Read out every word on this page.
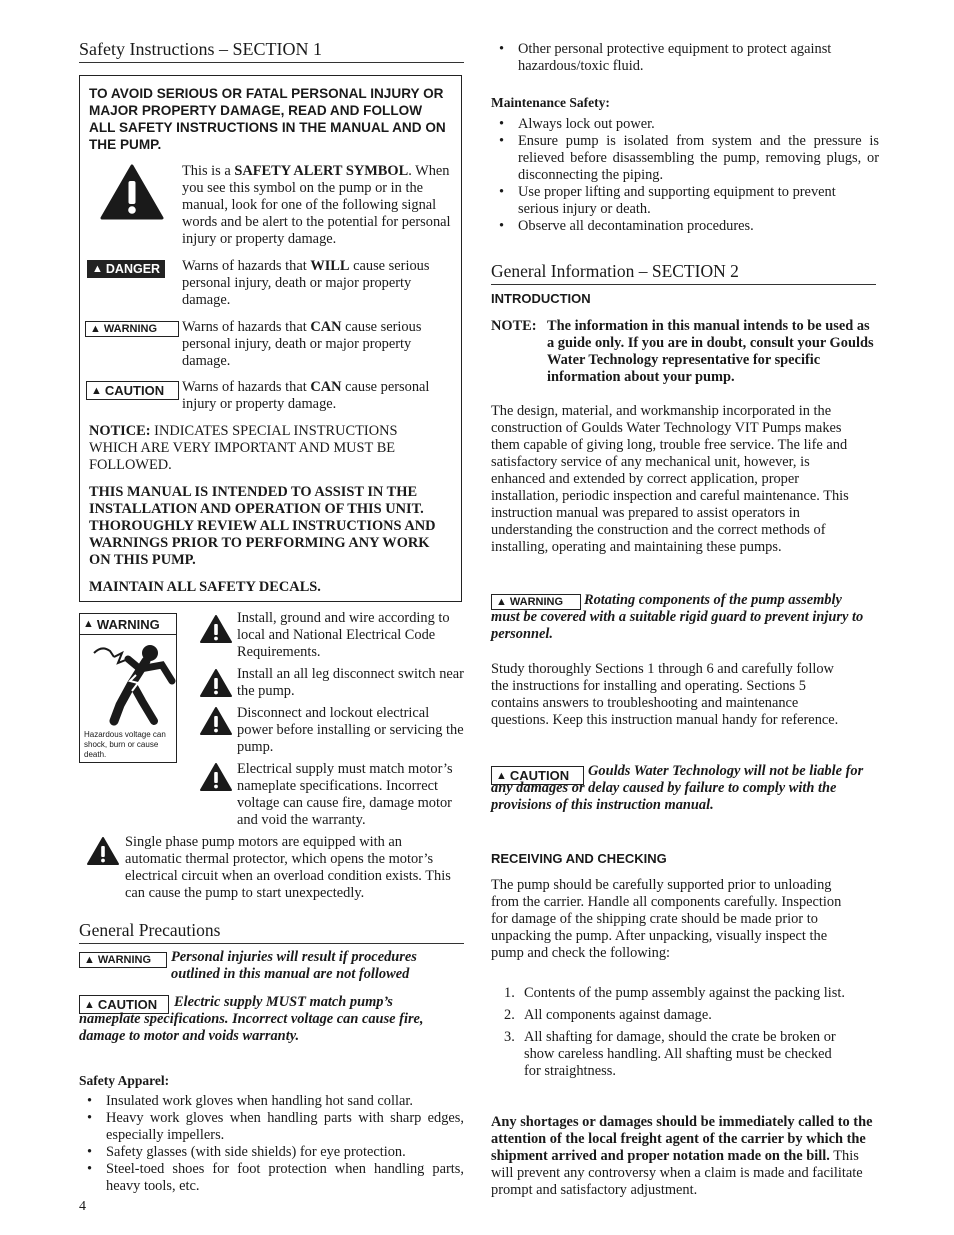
Safety Instructions – SECTION 1

TO AVOID SERIOUS OR FATAL PERSONAL INJURY OR MAJOR PROPERTY DAMAGE, READ AND FOLLOW ALL SAFETY INSTRUCTIONS IN THE MANUAL AND ON THE PUMP.

This is a SAFETY ALERT SYMBOL. When you see this symbol on the pump or in the manual, look for one of the following signal words and be alert to the potential for personal injury or property damage.

▲ DANGER Warns of hazards that WILL cause serious personal injury, death or major property damage.

▲ WARNING Warns of hazards that CAN cause serious personal injury, death or major property damage.

▲ CAUTION Warns of hazards that CAN cause personal injury or property damage.

NOTICE: INDICATES SPECIAL INSTRUCTIONS WHICH ARE VERY IMPORTANT AND MUST BE FOLLOWED.

THIS MANUAL IS INTENDED TO ASSIST IN THE INSTALLATION AND OPERATION OF THIS UNIT. THOROUGHLY REVIEW ALL INSTRUCTIONS AND WARNINGS PRIOR TO PERFORMING ANY WORK ON THIS PUMP.

MAINTAIN ALL SAFETY DECALS.

▲ WARNING

Hazardous voltage can shock, burn or cause death.

Install, ground and wire according to local and National Electrical Code Requirements.

Install an all leg disconnect switch near the pump.

Disconnect and lockout electrical power before installing or servicing the pump.

Electrical supply must match motor’s nameplate specifications. Incorrect voltage can cause fire, damage motor and void the warranty.

Single phase pump motors are equipped with an automatic thermal protector, which opens the motor’s electrical circuit when an overload condition exists. This can cause the pump to start unexpectedly.

General Precautions
▲ WARNING Personal injuries will result if procedures outlined in this manual are not followed

▲ CAUTION	Electric supply MUST match pump’s nameplate specifications. Incorrect voltage can cause fire, damage to motor and voids warranty.

Safety Apparel:

• Insulated work gloves when handling hot sand collar.
• Heavy work gloves when handling parts with sharp edges, especially impellers.
• Safety glasses (with side shields) for eye protection.
• Steel-toed shoes for foot protection when handling parts, heavy tools, etc.

4

• Other personal protective equipment to protect against hazardous/toxic fluid.

Maintenance Safety:

• Always lock out power.
• Ensure pump is isolated from system and the pressure is relieved before disassembling the pump, removing plugs, or disconnecting the piping.
• Use proper lifting and supporting equipment to prevent serious injury or death.
• Observe all decontamination procedures.
General Information – SECTION 2

INTRODUCTION

NOTE: The information in this manual intends to be used as a guide only. If you are in doubt, consult your Goulds Water Technology representative for specific information about your pump.

The design, material, and workmanship incorporated in the construction of Goulds Water Technology VIT Pumps makes them capable of giving long, trouble free service. The life and satisfactory service of any mechanical unit, however, is enhanced and extended by correct application, proper installation, periodic inspection and careful maintenance. This instruction manual was prepared to assist operators in understanding the construction and the correct methods of installing, operating and maintaining these pumps.

▲ WARNING	Rotating components of the pump assembly must be covered with a suitable rigid guard to prevent injury to personnel.

Study thoroughly Sections 1 through 6 and carefully follow the instructions for installing and operating. Sections 5 contains answers to troubleshooting and maintenance questions. Keep this instruction manual handy for reference.

▲ CAUTION	Goulds Water Technology will not be liable for any damages or delay caused by failure to comply with the provisions of this instruction manual.

RECEIVING AND CHECKING

The pump should be carefully supported prior to unloading from the carrier. Handle all components carefully. Inspection for damage of the shipping crate should be made prior to unpacking the pump. After unpacking, visually inspect the pump and check the following:

1. Contents of the pump assembly against the packing list.
2. All components against damage.
3. All shafting for damage, should the crate be broken or show careless handling. All shafting must be checked for straightness.

Any shortages or damages should be immediately called to the attention of the local freight agent of the carrier by which the shipment arrived and proper notation made on the bill. This will prevent any controversy when a claim is made and facilitate prompt and satisfactory adjustment.
